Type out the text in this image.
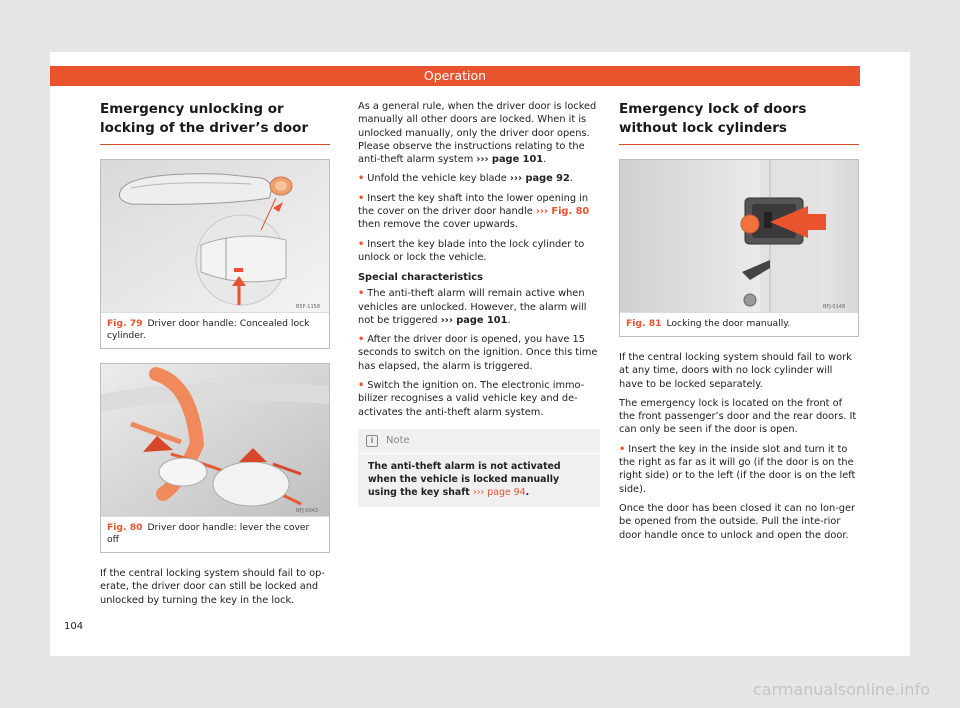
Operation
Emergency unlocking or locking of the driver’s door
B5F-1158
Fig. 79 Driver door handle: Concealed lock cylinder.
BFJ-0042
Fig. 80 Driver door handle: lever the cover off

If the central locking system should fail to op-erate, the driver door can still be locked and unlocked by turning the key in the lock.

As a general rule, when the driver door is locked manually all other doors are locked. When it is unlocked manually, only the driver door opens. Please observe the instructions relating to the anti-theft alarm system ››› page 101.

• Unfold the vehicle key blade ››› page 92.

• Insert the key shaft into the lower opening in the cover on the driver door handle ››› Fig. 80 then remove the cover upwards.

• Insert the key blade into the lock cylinder to unlock or lock the vehicle.

Special characteristics

• The anti-theft alarm will remain active when vehicles are unlocked. However, the alarm will not be triggered ››› page 101.

• After the driver door is opened, you have 15 seconds to switch on the ignition. Once this time has elapsed, the alarm is triggered.

• Switch the ignition on. The electronic immo-bilizer recognises a valid vehicle key and de-activates the anti-theft alarm system.

i	Note
The anti-theft alarm is not activated when the vehicle is locked manually using the key shaft ››› page 94.
Emergency lock of doors without lock cylinders
BFJ-0148
Fig. 81 Locking the door manually.

If the central locking system should fail to work at any time, doors with no lock cylinder will have to be locked separately.

The emergency lock is located on the front of the front passenger’s door and the rear doors. It can only be seen if the door is open.

• Insert the key in the inside slot and turn it to the right as far as it will go (if the door is on the right side) or to the left (if the door is on the left side).

Once the door has been closed it can no lon-ger be opened from the outside. Pull the inte-rior door handle once to unlock and open the door.

104
carmanualsonline.info
